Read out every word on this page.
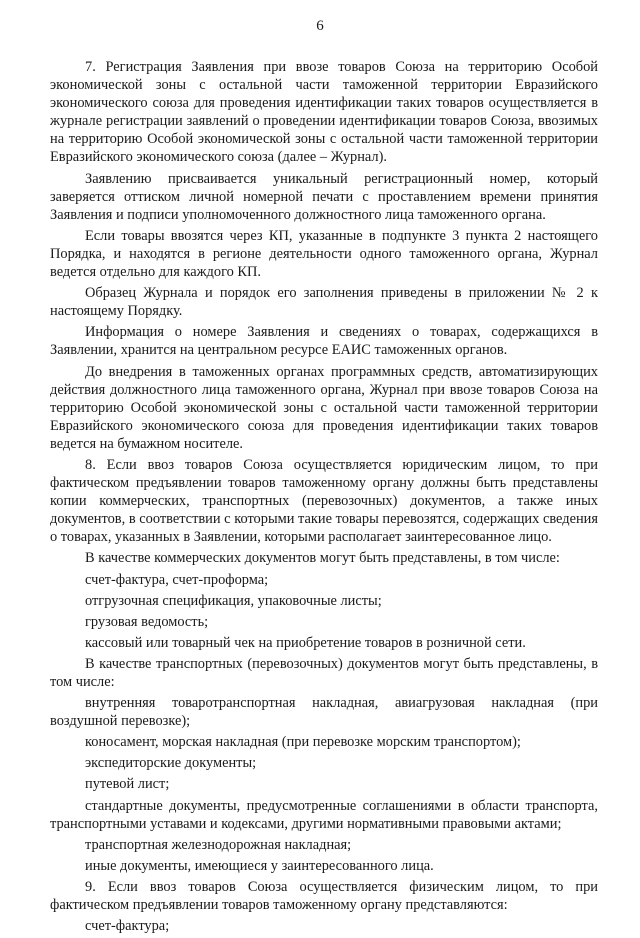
6

7. Регистрация Заявления при ввозе товаров Союза на территорию Особой экономической зоны с остальной части таможенной территории Евразийского экономического союза для проведения идентификации таких товаров осуществляется в журнале регистрации заявлений о проведении идентификации товаров Союза, ввозимых на территорию Особой экономической зоны с остальной части таможенной территории Евразийского экономического союза (далее – Журнал).

Заявлению присваивается уникальный регистрационный номер, который заверяется оттиском личной номерной печати с проставлением времени принятия Заявления и подписи уполномоченного должностного лица таможенного органа.

Если товары ввозятся через КП, указанные в подпункте 3 пункта 2 настоящего Порядка, и находятся в регионе деятельности одного таможенного органа, Журнал ведется отдельно для каждого КП.

Образец Журнала и порядок его заполнения приведены в приложении № 2 к настоящему Порядку.

Информация о номере Заявления и сведениях о товарах, содержащихся в Заявлении, хранится на центральном ресурсе ЕАИС таможенных органов.

До внедрения в таможенных органах программных средств, автоматизирующих действия должностного лица таможенного органа, Журнал при ввозе товаров Союза на территорию Особой экономической зоны с остальной части таможенной территории Евразийского экономического союза для проведения идентификации таких товаров ведется на бумажном носителе.

8. Если ввоз товаров Союза осуществляется юридическим лицом, то при фактическом предъявлении товаров таможенному органу должны быть представлены копии коммерческих, транспортных (перевозочных) документов, а также иных документов, в соответствии с которыми такие товары перевозятся, содержащих сведения о товарах, указанных в Заявлении, которыми располагает заинтересованное лицо.

В качестве коммерческих документов могут быть представлены, в том числе:

счет-фактура, счет-проформа;

отгрузочная спецификация, упаковочные листы;

грузовая ведомость;

кассовый или товарный чек на приобретение товаров в розничной сети.

В качестве транспортных (перевозочных) документов могут быть представлены, в том числе:

внутренняя товаротранспортная накладная, авиагрузовая накладная (при воздушной перевозке);

коносамент, морская накладная (при перевозке морским транспортом);

экспедиторские документы;

путевой лист;

стандартные документы, предусмотренные соглашениями в области транспорта, транспортными уставами и кодексами, другими нормативными правовыми актами;

транспортная железнодорожная накладная;

иные документы, имеющиеся у заинтересованного лица.

9. Если ввоз товаров Союза осуществляется физическим лицом, то при фактическом предъявлении товаров таможенному органу представляются:

счет-фактура;
